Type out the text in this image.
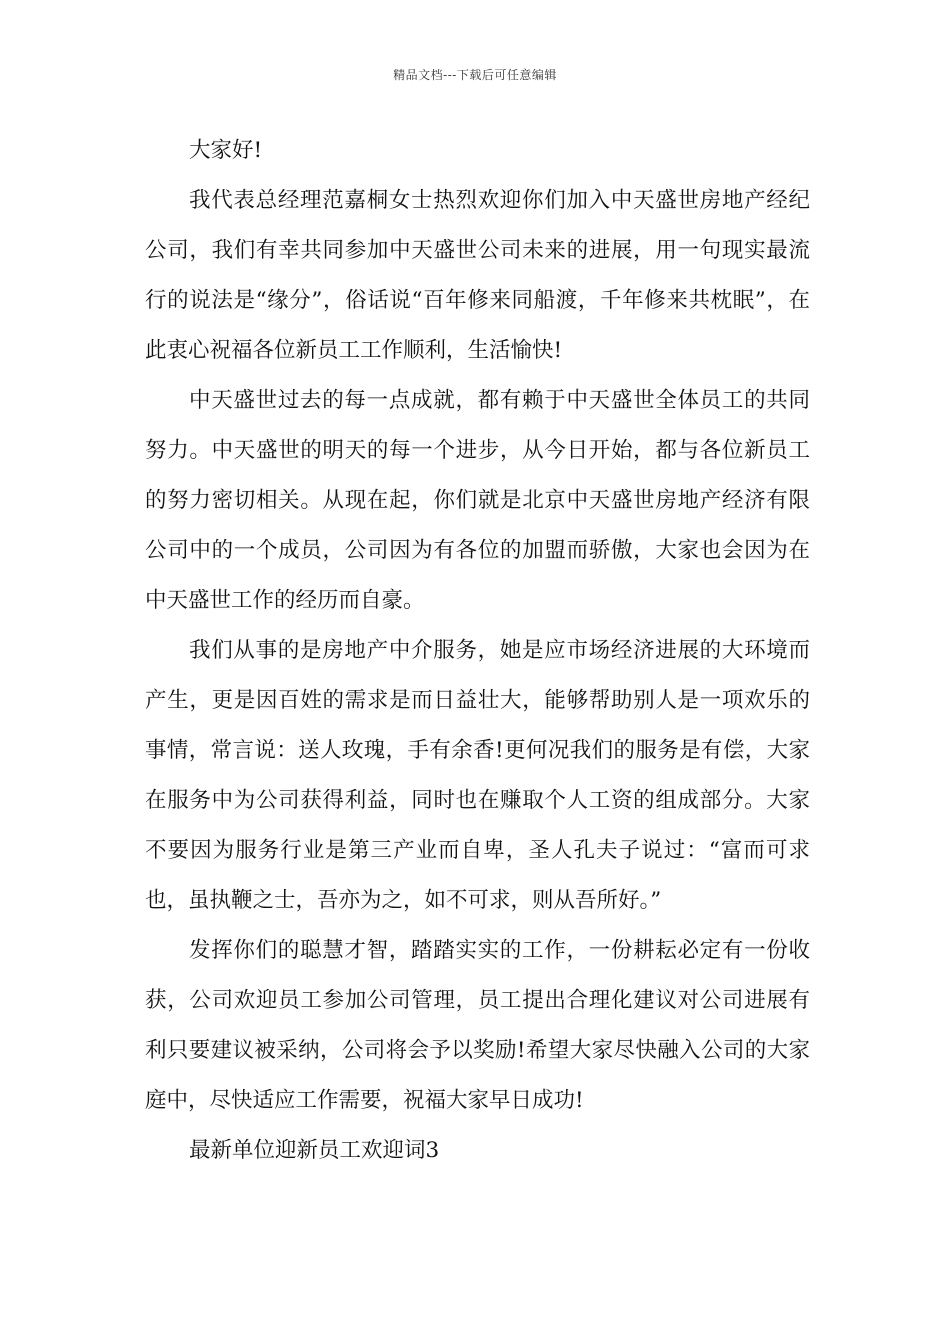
精品文档---下载后可任意编辑

大家好!

我代表总经理范嘉桐女士热烈欢迎你们加入中天盛世房地产经纪公司，我们有幸共同参加中天盛世公司未来的进展，用一句现实最流行的说法是“缘分”，俗话说“百年修来同船渡，千年修来共枕眠”，在此衷心祝福各位新员工工作顺利，生活愉快!

中天盛世过去的每一点成就，都有赖于中天盛世全体员工的共同努力。中天盛世的明天的每一个进步，从今日开始，都与各位新员工的努力密切相关。从现在起，你们就是北京中天盛世房地产经济有限公司中的一个成员，公司因为有各位的加盟而骄傲，大家也会因为在中天盛世工作的经历而自豪。

我们从事的是房地产中介服务，她是应市场经济进展的大环境而产生，更是因百姓的需求是而日益壮大，能够帮助别人是一项欢乐的事情，常言说：送人玫瑰，手有余香!更何况我们的服务是有偿，大家在服务中为公司获得利益，同时也在赚取个人工资的组成部分。大家不要因为服务行业是第三产业而自卑，圣人孔夫子说过：“富而可求也，虽执鞭之士，吾亦为之，如不可求，则从吾所好。”

发挥你们的聪慧才智，踏踏实实的工作，一份耕耘必定有一份收获，公司欢迎员工参加公司管理，员工提出合理化建议对公司进展有利只要建议被采纳，公司将会予以奖励!希望大家尽快融入公司的大家庭中，尽快适应工作需要，祝福大家早日成功!

最新单位迎新员工欢迎词3
